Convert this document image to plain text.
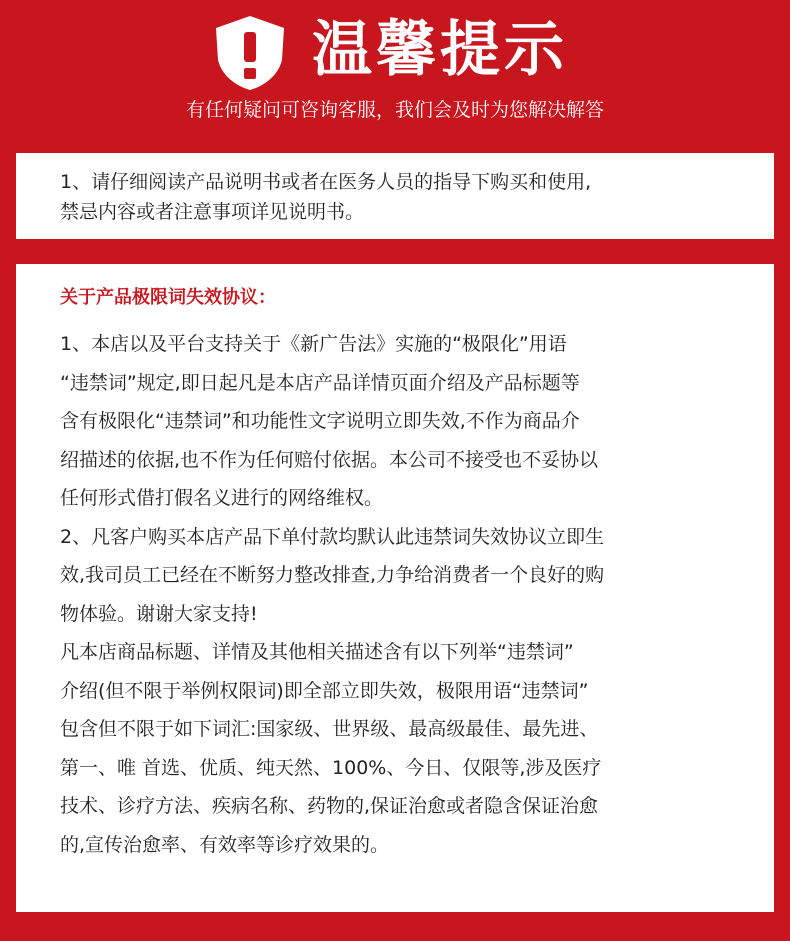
温馨提示
有任何疑问可咨询客服，我们会及时为您解决解答
1、请仔细阅读产品说明书或者在医务人员的指导下购买和使用,
禁忌内容或者注意事项详见说明书。
关于产品极限词失效协议：
1、本店以及平台支持关于《新广告法》实施的“极限化”用语
“违禁词”规定,即日起凡是本店产品详情页面介绍及产品标题等
含有极限化“违禁词”和功能性文字说明立即失效,不作为商品介
绍描述的依据,也不作为任何赔付依据。本公司不接受也不妥协以
任何形式借打假名义进行的网络维权。
2、凡客户购买本店产品下单付款均默认此违禁词失效协议立即生
效,我司员工已经在不断努力整改排查,力争给消费者一个良好的购
物体验。谢谢大家支持!
凡本店商品标题、详情及其他相关描述含有以下列举“违禁词”
介绍(但不限于举例权限词)即全部立即失效，极限用语“违禁词”
包含但不限于如下词汇:国家级、世界级、最高级最佳、最先进、
第一、唯 首选、优质、纯天然、100%、今日、仅限等,涉及医疗
技术、诊疗方法、疾病名称、药物的,保证治愈或者隐含保证治愈
的,宣传治愈率、有效率等诊疗效果的。
